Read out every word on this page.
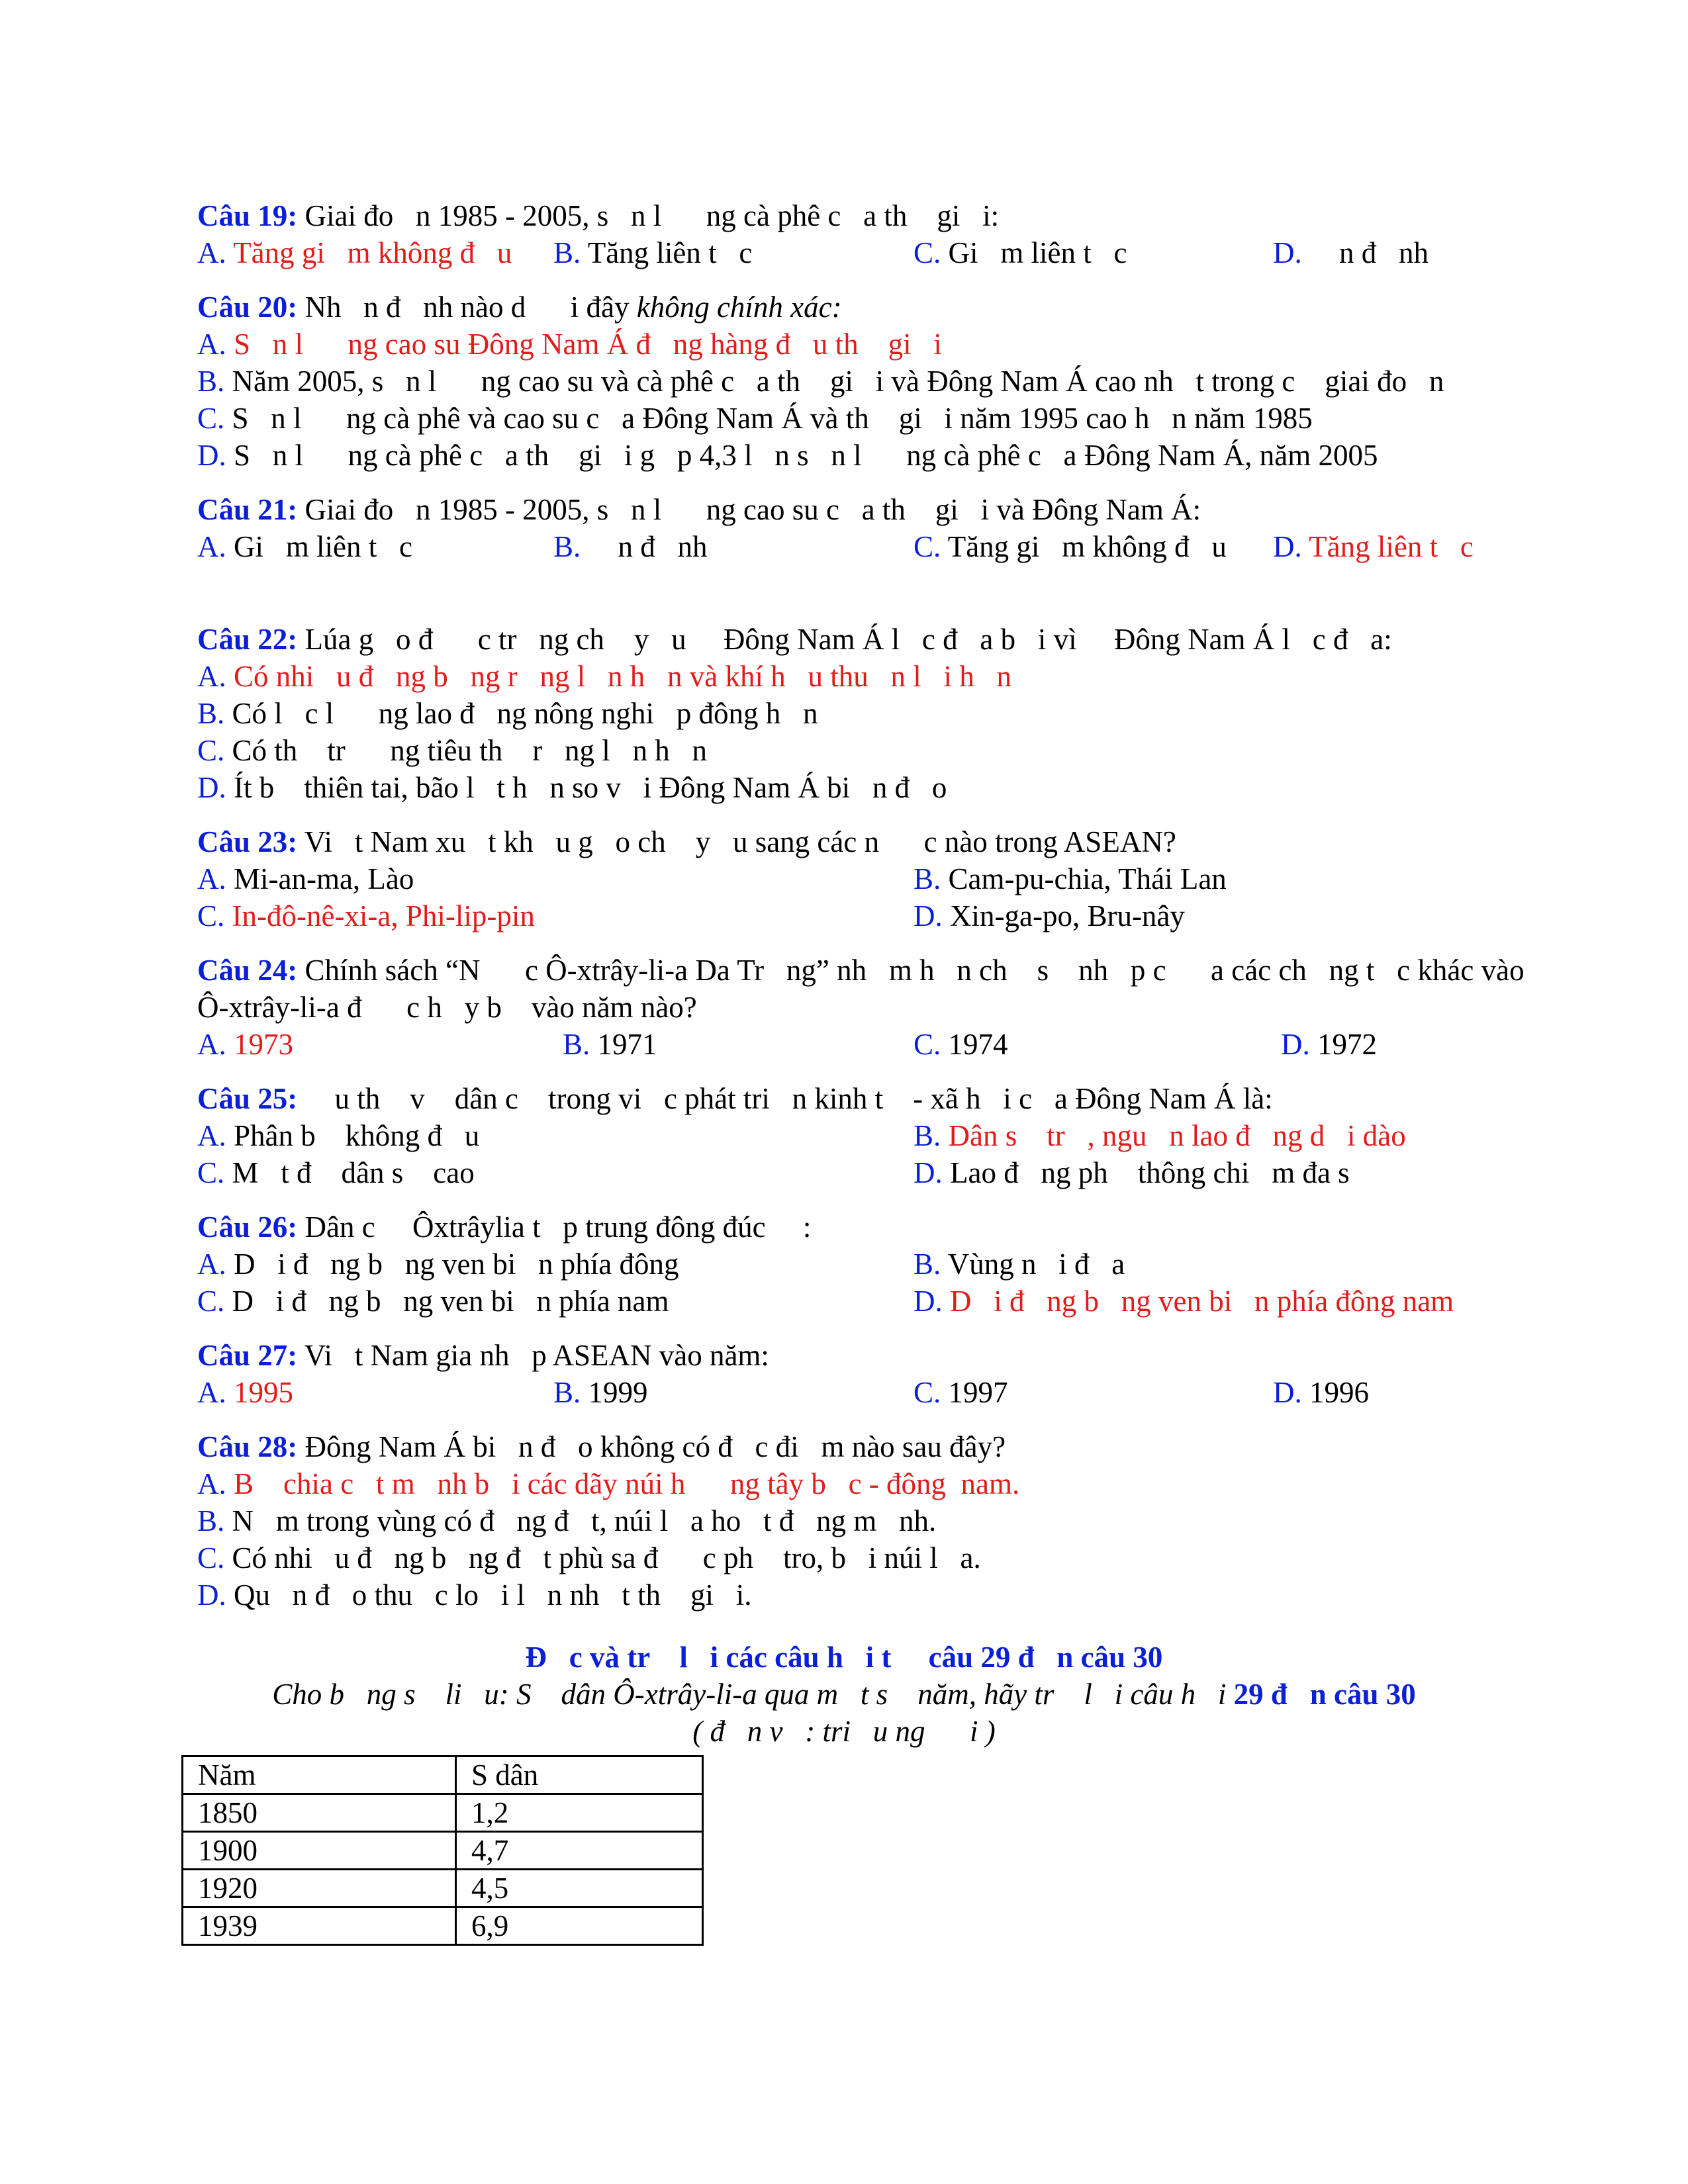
Câu 19: Giai đo   n 1985 - 2005, s   n l      ng cà phê c   a th    gi   i:
A. Tăng gi   m không đ   u B. Tăng liên t   c	C. Gi   m liên t   c	D.     n đ   nh
Câu 20: Nh   n đ   nh nào d      i đây không chính xác:
A. S   n l      ng cao su Đông Nam Á đ   ng hàng đ   u th    gi   i
B. Năm 2005, s   n l      ng cao su và cà phê c   a th    gi   i và Đông Nam Á cao nh   t trong c    giai đo   n
C. S   n l      ng cà phê và cao su c   a Đông Nam Á và th    gi   i năm 1995 cao h   n năm 1985
D. S   n l      ng cà phê c   a th    gi   i g   p 4,3 l   n s   n l      ng cà phê c   a Đông Nam Á, năm 2005
Câu 21: Giai đo   n 1985 - 2005, s   n l      ng cao su c   a th    gi   i và Đông Nam Á:
A. Gi   m liên t   c	B.     n đ   nh	C. Tăng gi   m không đ   u D. Tăng liên t   c
Câu 22: Lúa g   o đ      c tr   ng ch    y   u     Đông Nam Á l   c đ   a b   i vì     Đông Nam Á l   c đ   a:
A. Có nhi   u đ   ng b   ng r   ng l   n h   n và khí h   u thu   n l   i h   n
B. Có l   c l      ng lao đ   ng nông nghi   p đông h   n
C. Có th    tr      ng tiêu th    r   ng l   n h   n
D. Ít b    thiên tai, bão l   t h   n so v   i Đông Nam Á bi   n đ   o
Câu 23: Vi   t Nam xu   t kh   u g   o ch    y   u sang các n      c nào trong ASEAN?
A. Mi-an-ma, Lào	B. Cam-pu-chia, Thái Lan
C. In-đô-nê-xi-a, Phi-lip-pin	D. Xin-ga-po, Bru-nây
Câu 24: Chính sách “N      c Ô-xtrây-li-a Da Tr   ng” nh   m h   n ch    s    nh   p c      a các ch   ng t   c khác vào
Ô-xtrây-li-a đ      c h   y b    vào năm nào?
A. 1973	B. 1971	C. 1974	D. 1972
Câu 25:     u th    v    dân c    trong vi   c phát tri   n kinh t    - xã h   i c   a Đông Nam Á là:
A. Phân b    không đ   u	B. Dân s    tr   , ngu   n lao đ   ng d   i dào
C. M   t đ    dân s    cao	D. Lao đ   ng ph    thông chi   m đa s
Câu 26: Dân c     Ôxtrâylia t   p trung đông đúc     :
A. D   i đ   ng b   ng ven bi   n phía đông	B. Vùng n   i đ   a
C. D   i đ   ng b   ng ven bi   n phía nam	D. D   i đ   ng b   ng ven bi   n phía đông nam
Câu 27: Vi   t Nam gia nh   p ASEAN vào năm:
A. 1995	B. 1999	C. 1997	D. 1996
Câu 28: Đông Nam Á bi   n đ   o không có đ   c đi   m nào sau đây?
A. B    chia c   t m   nh b   i các dãy núi h      ng tây b   c - đông  nam.
B. N   m trong vùng có đ   ng đ   t, núi l   a ho   t đ   ng m   nh.
C. Có nhi   u đ   ng b   ng đ   t phù sa đ      c ph    tro, b   i núi l   a.
D. Qu   n đ   o thu   c lo   i l   n nh   t th    gi   i.
Đ   c và tr    l   i các câu h   i t     câu 29 đ   n câu 30
Cho b   ng s    li   u: S    dân Ô-xtrây-li-a qua m   t s    năm, hãy tr    l   i câu h   i 29 đ   n câu 30
( đ   n v   : tri   u ng      i )
Năm	S dân
1850	1,2
1900	4,7
1920	4,5
1939	6,9
